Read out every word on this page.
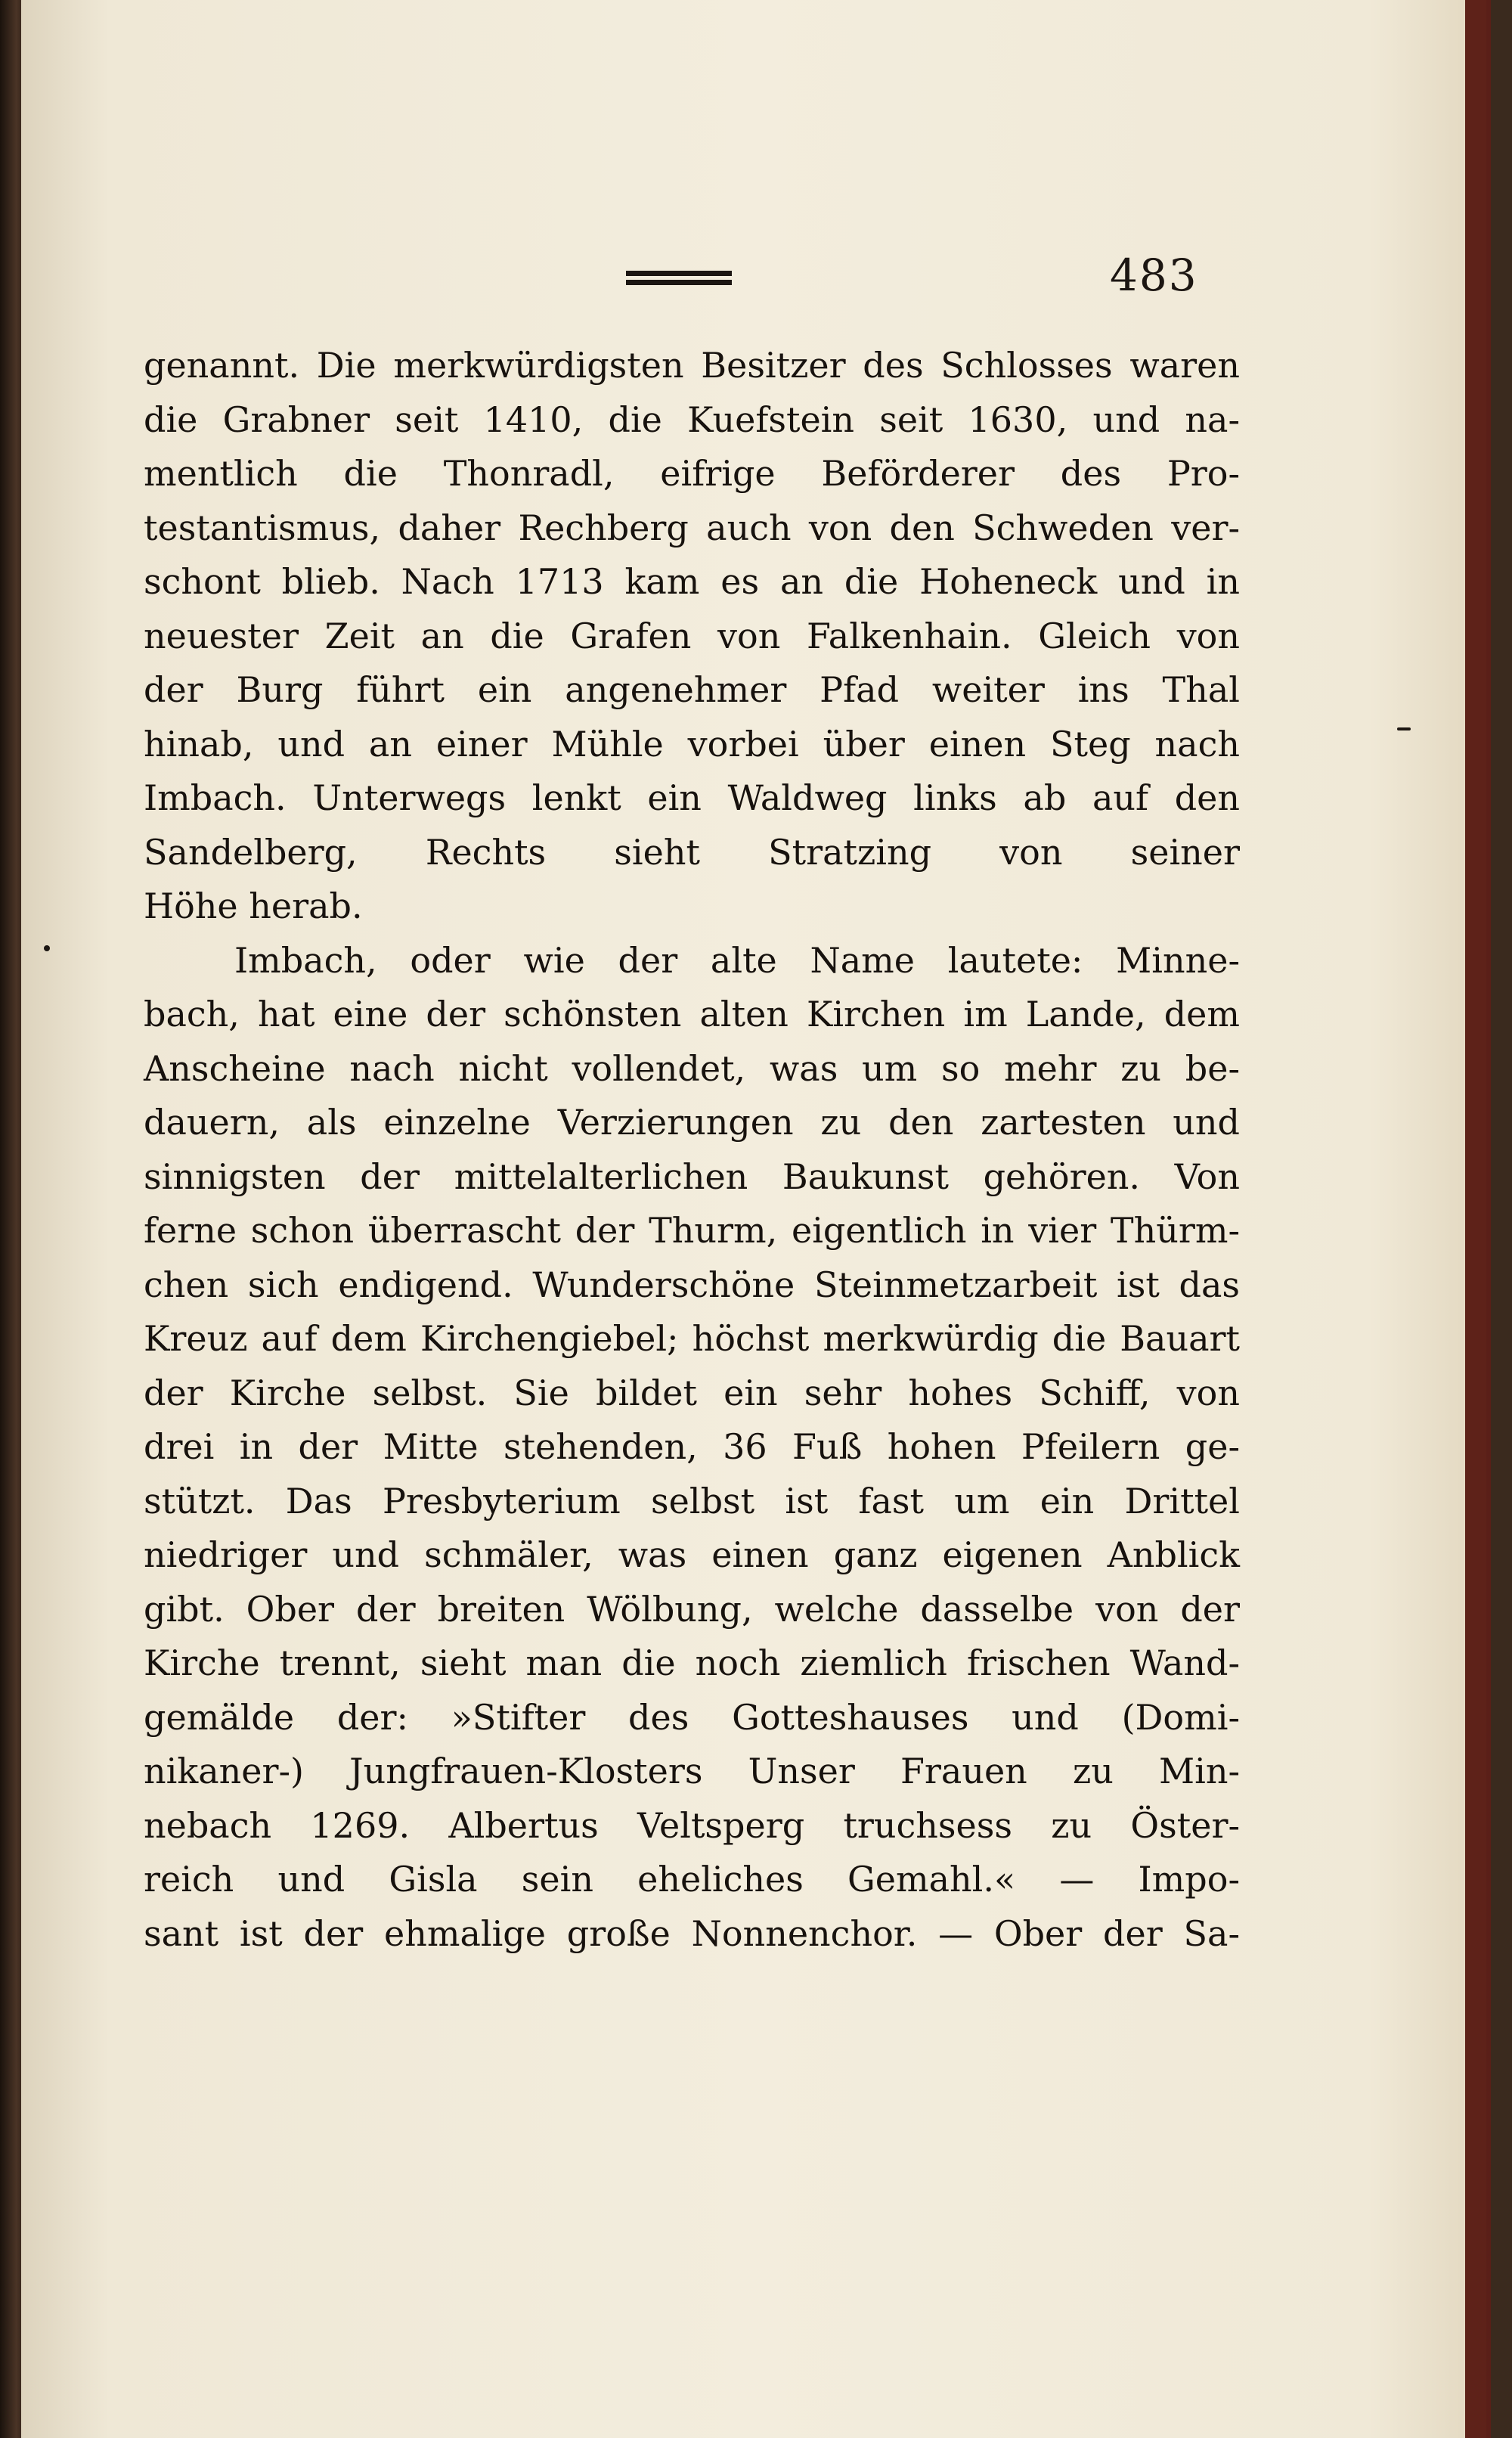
483
genannt. Die merkwürdigsten Besitzer des Schlosses waren
die Grabner seit 1410, die Kuefstein seit 1630, und na-
mentlich die Thonradl, eifrige Beförderer des Pro-
testantismus, daher Rechberg auch von den Schweden ver-
schont blieb. Nach 1713 kam es an die Hoheneck und in
neuester Zeit an die Grafen von Falkenhain. Gleich von
der Burg führt ein angenehmer Pfad weiter ins Thal
hinab, und an einer Mühle vorbei über einen Steg nach
Imbach. Unterwegs lenkt ein Waldweg links ab auf den
Sandelberg, Rechts sieht Stratzing von seiner
Höhe herab.
Imbach, oder wie der alte Name lautete: Minne-
bach, hat eine der schönsten alten Kirchen im Lande, dem
Anscheine nach nicht vollendet, was um so mehr zu be-
dauern, als einzelne Verzierungen zu den zartesten und
sinnigsten der mittelalterlichen Baukunst gehören. Von
ferne schon überrascht der Thurm, eigentlich in vier Thürm-
chen sich endigend. Wunderschöne Steinmetzarbeit ist das
Kreuz auf dem Kirchengiebel; höchst merkwürdig die Bauart
der Kirche selbst. Sie bildet ein sehr hohes Schiff, von
drei in der Mitte stehenden, 36 Fuß hohen Pfeilern ge-
stützt. Das Presbyterium selbst ist fast um ein Drittel
niedriger und schmäler, was einen ganz eigenen Anblick
gibt. Ober der breiten Wölbung, welche dasselbe von der
Kirche trennt, sieht man die noch ziemlich frischen Wand-
gemälde der: »Stifter des Gotteshauses und (Domi-
nikaner-) Jungfrauen-Klosters Unser Frauen zu Min-
nebach 1269. Albertus Veltsperg truchsess zu Öster-
reich und Gisla sein eheliches Gemahl.« — Impo-
sant ist der ehmalige große Nonnenchor. — Ober der Sa-
